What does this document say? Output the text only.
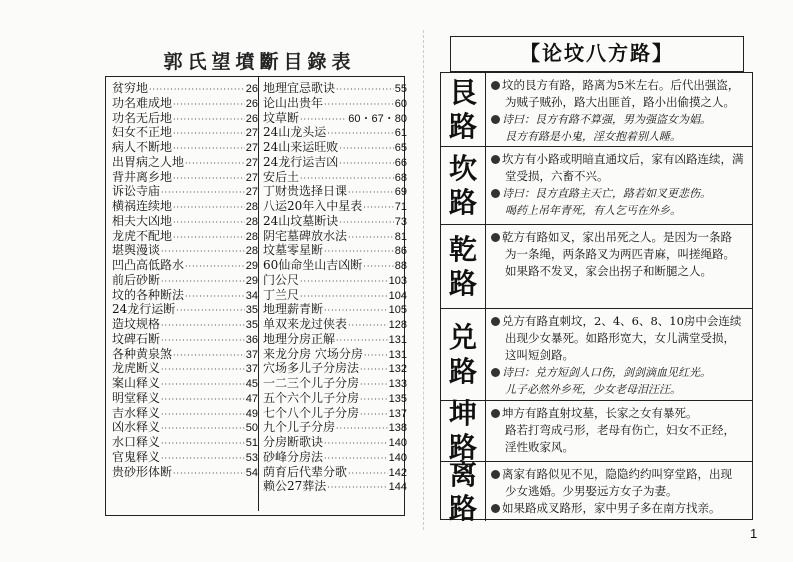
郭氏望墳斷目錄表
贫穷地 ·····	26
功名难成地 ·····	26
功名无后地 ·····	26
妇女不正地 ·····	27
病人不断地 ·····	27
出胃病之人地 ·····	27
背井离乡地 ·····	27
诉讼寺庙 ·····	27
横祸连续地 ·····	28
相夫大凶地 ·····	28
龙虎不配地 ·····	28
堪舆漫谈 ·····	28
凹凸高低路水 ·····	29
前后砂断 ·····	29
坟的各种断法 ·····	34
24龙行运断 ·····	35
造坟规格 ·····	35
坟碑石断 ·····	36
各种黄泉煞 ·····	37
龙虎断义 ·····	37
案山释义 ·····	45
明堂释义 ·····	47
吉水释义 ·····	49
凶水释义 ·····	50
水口释义 ·····	51
官鬼释义 ·····	53
贵砂形体断 ·····	54
地理宜忌歌诀 ·····	55
论山出贵年 ·····	60
坟草断 ·····	60・67・80
24山龙头运 ·····	61
24山来运旺败 ·····	65
24龙行运吉凶 ·····	66
安后土 ·····	68
丁财贵选择日课 ·····	69
八运20年入中星表 ·····	71
24山坟墓断诀 ·····	73
阴宅墓碑放水法 ·····	81
坟墓零星断 ·····	86
60仙命坐山吉凶断 ·····	88
门公尺 ·····	103
丁兰尺 ·····	104
地理薪青断 ·····	105
单双来龙过侠表 ·····	128
地理分房正解 ·····	131
来龙分房 穴场分房 ····· 131
穴场多儿子分房法 ·····	132
一二三个儿子分房 ·····	133
五个六个儿子分房 ·····	135
七个八个儿子分房 ·····	137
九个儿子分房 ·····	138
分房断歌诀 ·····	140
砂峰分房法 ·····	140
荫育后代辈分歌 ·····	142
赖公27葬法 ·····	144
【论坟八方路】
艮
路

坟的艮方有路，路离为5米左右。后代出强盗，

为贼子贼孙，路大出匪首，路小出偷摸之人。

诗曰：艮方有路不算强，男为强盗女为娼。

艮方有路是小鬼，淫女抱着别人睡。

坎
路

坎方有小路或明暗直通坟后，家有凶路连续，满

堂受损，六畜不兴。

诗曰：艮方直路主天亡，路若如叉更悲伤。

喝药上吊年青死，有人乞丐在外乡。

乾
路

乾方有路如叉，家出吊死之人。是因为一条路

为一条绳，两条路叉为两匹青麻，叫搓绳路。

如果路不发叉，家会出拐子和断腿之人。

兑
路

兑方有路直刺坟，2、4、6、8、10房中会连续

出现少女暴死。如路形宽大，女儿满堂受损，

这叫短剑路。

诗曰：兑方短剑人口伤，剑剑滴血见红光。

儿子必然外乡死，少女老母泪汪汪。

坤
路

坤方有路直射坟墓，长家之女有暴死。

路若打弯成弓形，老母有伤亡，妇女不正经，

淫性败家风。

离
路

离家有路似见不见，隐隐约约叫穿堂路，出现

少女逃婚。少男娶远方女子为妻。

如果路成叉路形，家中男子多在南方找亲。

1
